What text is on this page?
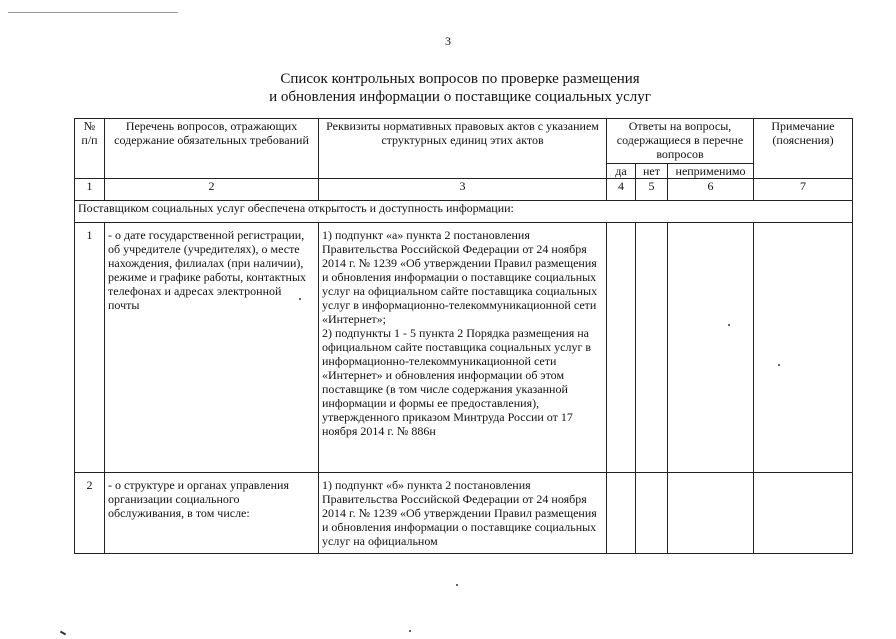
3
Список контрольных вопросов по проверке размещения
и обновления информации о поставщике социальных услуг
№ п/п	Перечень вопросов, отражающих содержание обязательных требований	Реквизиты нормативных правовых актов с указанием структурных единиц этих актов	Ответы на вопросы, содержащиеся в перечне вопросов			Примечание (пояснения)
			да	нет	неприменимо	
1	2	3	4	5	6	7
Поставщиком социальных услуг обеспечена открытость и доступность информации:						
1	- о дате государственной регистрации, об учредителе (учредителях), о месте нахождения, филиалах (при наличии), режиме и графике работы, контактных телефонах и адресах электронной почты	1) подпункт «а» пункта 2 постановления Правительства Российской Федерации от 24 ноября 2014 г. № 1239 «Об утверждении Правил размещения и обновления информации о поставщике социальных услуг на официальном сайте поставщика социальных услуг в информационно-телекоммуникационной сети «Интернет»;
2) подпункты 1 - 5 пункта 2 Порядка размещения на официальном сайте поставщика социальных услуг в информационно-телекоммуникационной сети «Интернет» и обновления информации об этом поставщике (в том числе содержания указанной информации и формы ее предоставления), утвержденного приказом Минтруда России от 17 ноября 2014 г. № 886н				

2	- о структуре и органах управления организации социального обслуживания, в том числе:	1) подпункт «б» пункта 2 постановления Правительства Российской Федерации от 24 ноября 2014 г. № 1239 «Об утверждении Правил размещения и обновления информации о поставщике социальных услуг на официальном				
